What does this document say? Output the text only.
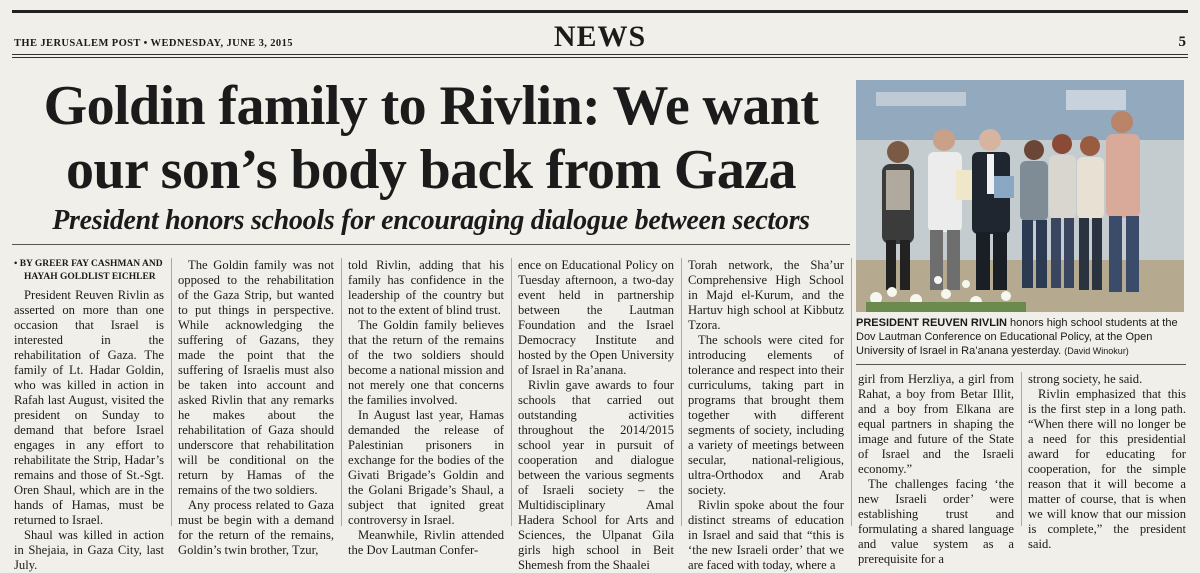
THE JERUSALEM POST • WEDNESDAY, JUNE 3, 2015	NEWS	5
Goldin family to Rivlin: We want
our son’s body back from Gaza
President honors schools for encouraging dialogue between sectors

• BY GREER FAY CASHMAN AND
HAYAH GOLDLIST EICHLER

President Reuven Rivlin as asserted on more than one occasion that Israel is interested in the rehabilitation of Gaza. The family of Lt. Hadar Goldin, who was killed in action in Rafah last August, visited the president on Sunday to demand that before Israel engages in any effort to rehabilitate the Strip, Hadar’s remains and those of St.-Sgt. Oren Shaul, which are in the hands of Hamas, must be returned to Israel.

Shaul was killed in action in Shejaia, in Gaza City, last July.

The Goldin family was not opposed to the rehabilitation of the Gaza Strip, but wanted to put things in perspective. While acknowledging the suffering of Gazans, they made the point that the suffering of Israelis must also be taken into account and asked Rivlin that any remarks he makes about the rehabilitation of Gaza should underscore that rehabilitation will be conditional on the return by Hamas of the remains of the two soldiers.

Any process related to Gaza must be begin with a demand for the return of the remains, Goldin’s twin brother, Tzur,

told Rivlin, adding that his family has confidence in the leadership of the country but not to the extent of blind trust.

The Goldin family believes that the return of the remains of the two soldiers should become a national mission and not merely one that concerns the families involved.

In August last year, Hamas demanded the release of Palestinian prisoners in exchange for the bodies of the Givati Brigade’s Goldin and the Golani Brigade’s Shaul, a subject that ignited great controversy in Israel.

Meanwhile, Rivlin attended the Dov Lautman Confer-

ence on Educational Policy on Tuesday afternoon, a two-day event held in partnership between the Lautman Foundation and the Israel Democracy Institute and hosted by the Open University of Israel in Ra’anana.

Rivlin gave awards to four schools that carried out outstanding activities throughout the 2014/2015 school year in pursuit of cooperation and dialogue between the various segments of Israeli society – the Multidisciplinary Amal Hadera School for Arts and Sciences, the Ulpanat Gila girls high school in Beit Shemesh from the Shaalei

Torah network, the Sha’ur Comprehensive High School in Majd el-Kurum, and the Hartuv high school at Kibbutz Tzora.

The schools were cited for introducing elements of tolerance and respect into their curriculums, taking part in programs that brought them together with different segments of society, including a variety of meetings between secular, national-religious, ultra-Orthodox and Arab society.

Rivlin spoke about the four distinct streams of education in Israel and said that “this is ‘the new Israeli order’ that we are faced with today, where a

PRESIDENT REUVEN RIVLIN honors high school students at the Dov Lautman Conference on Educational Policy, at the Open University of Israel in Ra’anana yesterday. (David Winokur)

girl from Herzliya, a girl from Rahat, a boy from Betar Illit, and a boy from Elkana are equal partners in shaping the image and future of the State of Israel and the Israeli economy.”

The challenges facing ‘the new Israeli order’ were establishing trust and formulating a shared language and value system as a prerequisite for a

strong society, he said.

Rivlin emphasized that this is the first step in a long path. “When there will no longer be a need for this presidential award for educating for cooperation, for the simple reason that it will become a matter of course, that is when we will know that our mission is complete,” the president said.
